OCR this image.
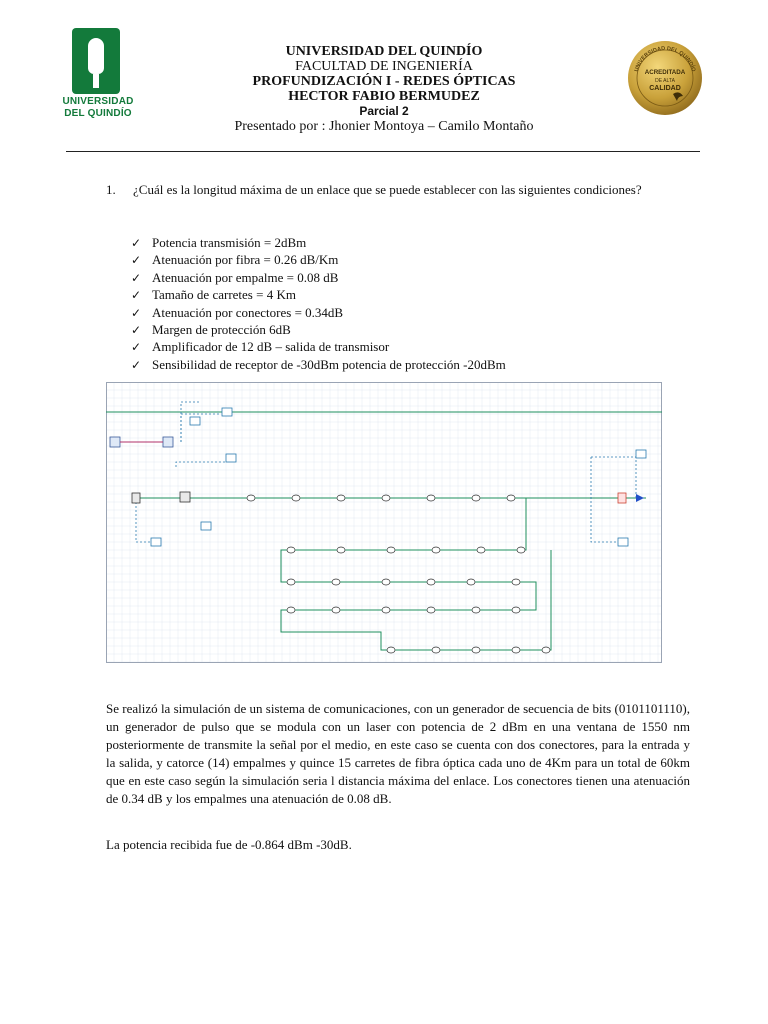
UNIVERSIDAD
DEL QUINDÍO
UNIVERSIDAD DEL QUINDÍO
ACREDITADA
DE ALTA
CALIDAD
UNIVERSIDAD DEL QUINDÍO
FACULTAD DE INGENIERÍA
PROFUNDIZACIÓN I - REDES ÓPTICAS
HECTOR FABIO BERMUDEZ
Parcial 2
Presentado por : Jhonier Montoya – Camilo Montaño
1. ¿Cuál es la longitud máxima de un enlace que se puede establecer con las siguientes condiciones?
✓ Potencia transmisión = 2dBm
✓ Atenuación por fibra = 0.26 dB/Km
✓ Atenuación por empalme = 0.08 dB
✓ Tamaño de carretes = 4 Km
✓ Atenuación por conectores = 0.34dB
✓ Margen de protección 6dB
✓ Amplificador de 12 dB – salida de transmisor
✓ Sensibilidad de receptor de -30dBm potencia de protección -20dBm

Se realizó la simulación de un sistema de comunicaciones, con un generador de secuencia de bits (0101101110), un generador de pulso que se modula con un laser con potencia de 2 dBm en una ventana de 1550 nm posteriormente de transmite la señal por el medio, en este caso se cuenta con dos conectores, para la entrada y la salida, y catorce (14) empalmes y quince 15 carretes de fibra óptica cada uno de 4Km para un total de 60km que en este caso según la simulación seria l distancia máxima del enlace. Los conectores tienen una atenuación de 0.34 dB y los empalmes una atenuación de 0.08 dB.

La potencia recibida fue de -0.864 dBm -30dB.
